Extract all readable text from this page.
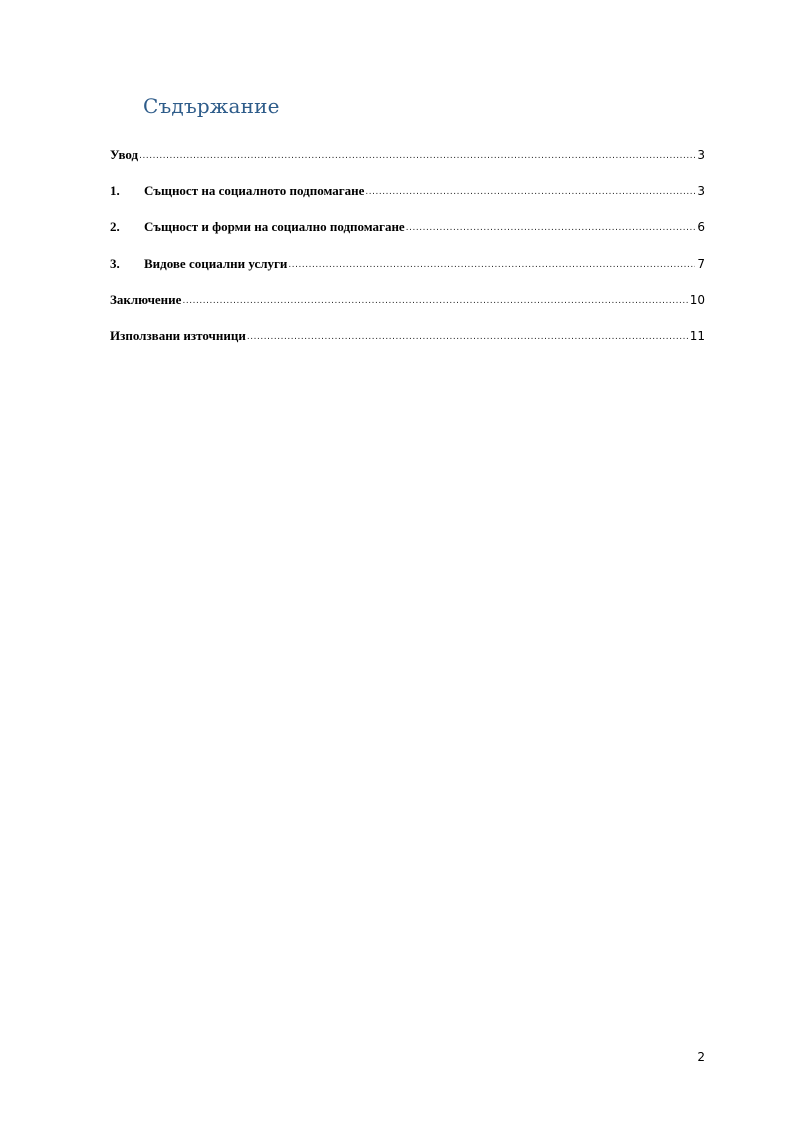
Съдържание
Увод .....	3
1.	Същност на социалното подпомагане .....	3
2.	Същност и форми на социално подпомагане .....	6
3.	Видове социални услуги .....	7
Заключение .....	10
Използвани източници .....	11
2
